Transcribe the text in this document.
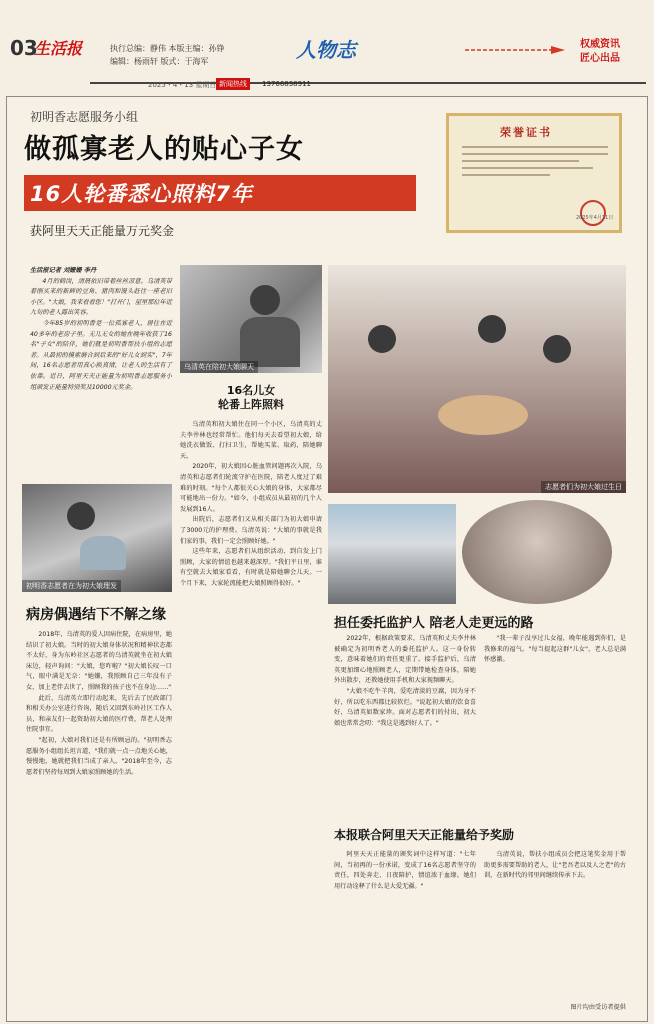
03
生活报	执行总编：静伟 本版主编：孙铮
编辑：杨雨轩 版式：于海军	人物志	权威资讯
匠心出品
2025・4・13 星期日 新闻热线	13766838911
初明香志愿服务小组
做孤寡老人的贴心子女
16人轮番悉心照料7年
获阿里天天正能量万元奖金
荣誉证书
2025年4月11日

生活报记者 刘姗姗 李丹

4月的鹤岗，清晨依旧带着丝丝凉意。乌清英带着刚买来的新鲜的豆角、猪肉和馒头赶往一座老旧小区。"大娘，我来看看您！"打开门，屋里那位年近九旬的老人露出笑容。

今年85岁的初明香是一位孤寡老人，居住在近40多年的老房子里。无儿无女的她在晚年收获了16名"子女"的陪伴，她们就是初明香帮扶小组的志愿者。从最初的摸索磨合到后来的"好儿女到实"，7年间，16名志愿者用真心换真情，让老人的生活有了依靠。近日，阿里天天正能量为初明香志愿服务小组颁发正能量特别奖及10000元奖金。

初明香志愿者在为初大娘理发
病房偶遇结下不解之缘

2018年，乌清英的爱人因病住院，在病房里，她结识了初大娘。当时的初大娘身体状况和精神状态都不太好，身为东岭社区志愿者的乌清英就坐在初大娘床边，轻声询问："大娘，您咋啦？"初大娘长叹一口气，眼中满是无奈："她嫌，我照顾自己三年没有子女，加上老伴去世了，照顾我的孩子也不在身边……"

此后，乌清英立即行动起来，先后去了民政部门和相关办公室进行咨询，随后又回到东岭社区工作人员，和亲友们一起资助初大娘的医疗费，帮老人处理住院事宜。

"起初，大娘对我们还是有所顾忌的。"初明香志愿服务小组组长坦言道，"我们就一点一点地关心她，慢慢地，她就把我们当成了亲人。"2018年至今，志愿者们坚持每周到大娘家照顾她的生活。

乌清英在陪初大娘聊天
16名儿女
轮番上阵照料

乌清英和初大娘住在同一个小区，乌清英的丈夫李井林也经常帮忙。他们每天去看望初大娘，给她洗衣做饭、打扫卫生，帮她买菜、取药，陪她聊天。

2020年，初大娘因心脏血管问题再次入院，乌清英和志愿者们轮流守护在医院，陪老人度过了艰难的时刻。"每个人都很关心大娘的身体，大家都尽可能地出一份力。"如今，小组成员从最初的几个人发展到16人。

出院后，志愿者们又从相关部门为初大娘申请了3000元的护理费。乌清英说："大娘的事就是我们家的事，我们一定会照顾好她。"

这些年来，志愿者们从组织活动、到自发上门照顾，大家的情谊也越来越深厚。"我们平日里，谁有空就去大娘家看看，有时就是陪她聊会儿天。一个月下来，大家轮流能把大娘照顾得很好。"

志愿者们为初大娘过生日
担任委托监护人 陪老人走更远的路

2022年，根据政策要求，乌清英和丈夫李井林被确定为初明香老人的委托监护人。这一身份转变，意味着她们的责任更重了。接手监护后，乌清英更加细心地照顾老人，定期带她检查身体，陪她外出散步，还教她使用手机和大家视频聊天。

"大娘不吃牛羊肉，爱吃清淡的豆腐，因为牙不好，所以吃东西都比较软烂。"说起初大娘的饮食喜好，乌清英如数家珍。面对志愿者们的付出，初大娘也常常念叨："我这是遇到好人了。"

"我一辈子没享过儿女福，晚年能遇到你们，是我修来的福气。"每当提起这群"儿女"，老人总是满怀感激。

本报联合阿里天天正能量给予奖励

阿里天天正能量的颁奖词中这样写道："七年间，当初再的一份承诺，变成了16名志愿者坚守的责任，四处奔走、日夜陪护，情谊浓于血缘。她们用行动诠释了什么是大爱无疆。"

乌清英说，帮扶小组成员会把这笔奖金用于帮助更多需要帮助的老人，让"老吾老以及人之老"的古训，在新时代的邻里间继续传承下去。

图片均由受访者提供
